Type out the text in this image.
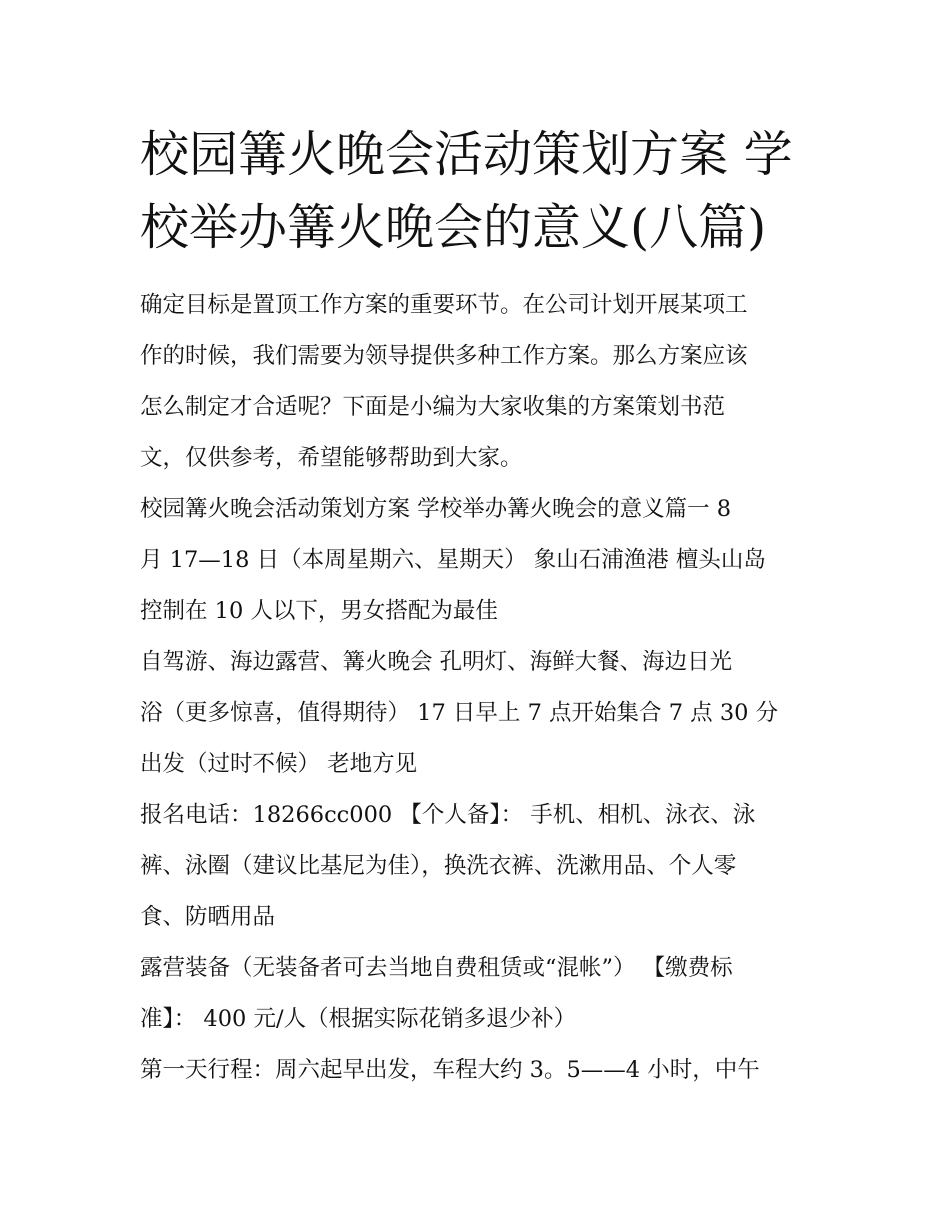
校园篝火晚会活动策划方案 学
校举办篝火晚会的意义(八篇)

确定目标是置顶工作方案的重要环节。在公司计划开展某项工

作的时候，我们需要为领导提供多种工作方案。那么方案应该

怎么制定才合适呢？下面是小编为大家收集的方案策划书范

文，仅供参考，希望能够帮助到大家。

校园篝火晚会活动策划方案 学校举办篝火晚会的意义篇一 8

月 17—18 日（本周星期六、星期天） 象山石浦渔港 檀头山岛

控制在 10 人以下，男女搭配为最佳

自驾游、海边露营、篝火晚会 孔明灯、海鲜大餐、海边日光

浴（更多惊喜，值得期待） 17 日早上 7 点开始集合 7 点 30 分

出发（过时不候） 老地方见

报名电话：18266cc000 【个人备】： 手机、相机、泳衣、泳

裤、泳圈（建议比基尼为佳），换洗衣裤、洗漱用品、个人零

食、防晒用品

露营装备（无装备者可去当地自费租赁或“混帐”） 【缴费标

准】： 400 元/人（根据实际花销多退少补）

第一天行程：周六起早出发，车程大约 3。5——4 小时，中午
